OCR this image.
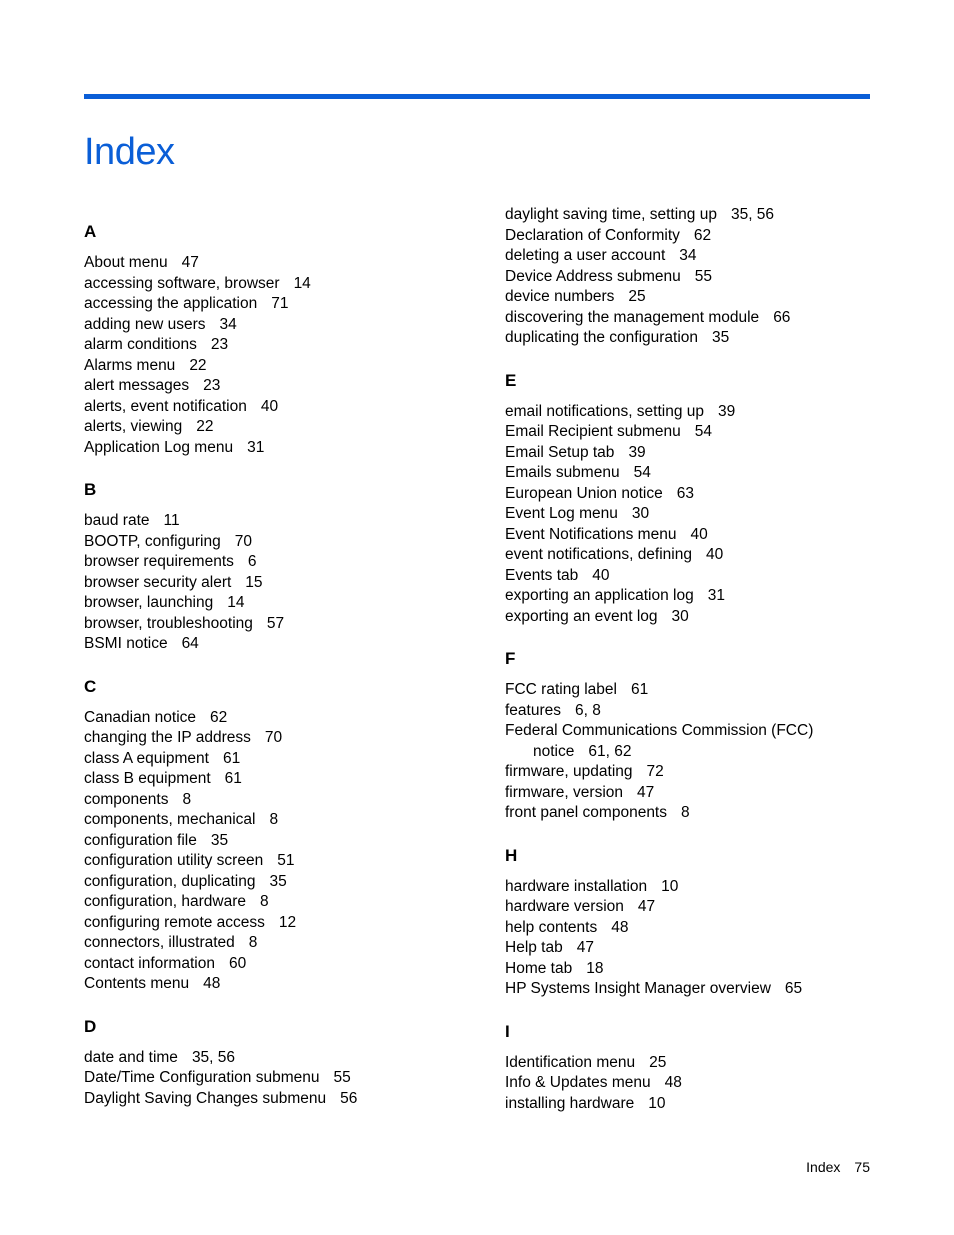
Index
A
About menu 47
accessing software, browser 14
accessing the application 71
adding new users 34
alarm conditions 23
Alarms menu 22
alert messages 23
alerts, event notification 40
alerts, viewing 22
Application Log menu 31
B
baud rate 11
BOOTP, configuring 70
browser requirements 6
browser security alert 15
browser, launching 14
browser, troubleshooting 57
BSMI notice 64
C
Canadian notice 62
changing the IP address 70
class A equipment 61
class B equipment 61
components 8
components, mechanical 8
configuration file 35
configuration utility screen 51
configuration, duplicating 35
configuration, hardware 8
configuring remote access 12
connectors, illustrated 8
contact information 60
Contents menu 48
D
date and time 35, 56
Date/Time Configuration submenu 55
Daylight Saving Changes submenu 56
daylight saving time, setting up 35, 56
Declaration of Conformity 62
deleting a user account 34
Device Address submenu 55
device numbers 25
discovering the management module 66
duplicating the configuration 35
E
email notifications, setting up 39
Email Recipient submenu 54
Email Setup tab 39
Emails submenu 54
European Union notice 63
Event Log menu 30
Event Notifications menu 40
event notifications, defining 40
Events tab 40
exporting an application log 31
exporting an event log 30
F
FCC rating label 61
features 6, 8
Federal Communications Commission (FCC)
notice 61, 62
firmware, updating 72
firmware, version 47
front panel components 8
H
hardware installation 10
hardware version 47
help contents 48
Help tab 47
Home tab 18
HP Systems Insight Manager overview 65
I
Identification menu 25
Info & Updates menu 48
installing hardware 10
Index 75
